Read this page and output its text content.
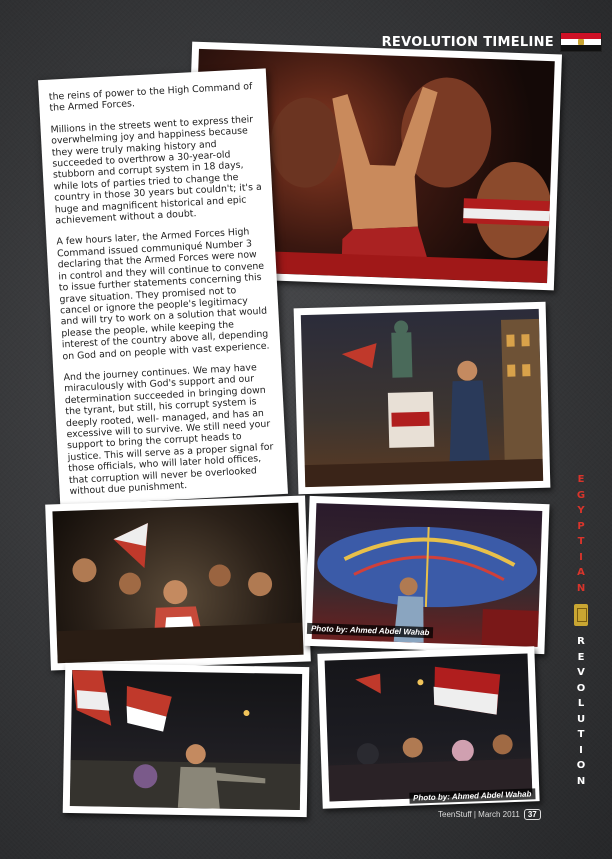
REVOLUTION TIMELINE

the reins of power to the High Command of the Armed Forces.

Millions in the streets went to express their overwhelming joy and happiness because they were truly making history and succeeded to overthrow a 30-year-old stubborn and corrupt system in 18 days, while lots of parties tried to change the country in those 30 years but couldn't; it's a huge and magnificent historical and epic achievement without a doubt.

A few hours later, the Armed Forces High Command issued communiqué Number 3 declaring that the Armed Forces were now in control and they will continue to convene to issue further statements concerning this grave situation. They promised not to cancel or ignore the people's legitimacy and will try to work on a solution that would please the people, while keeping the interest of the country above all, depending on God and on people with vast experience.

And the journey continues. We may have miraculously with God's support and our determination succeeded in bringing down the tyrant, but still, his corrupt system is deeply rooted, well- managed, and has an excessive will to survive. We still need your support to bring the corrupt heads to justice. This will serve as a proper signal for those officials, who will later hold offices, that corruption will never be overlooked without due punishment.

Photo by: Ahmed Abdel Wahab
Photo by: Ahmed Abdel Wahab
E
G
Y
P
T
I
A
N
R
E
V
O
L
U
T
I
O
N
TeenStuff | March 2011	37
